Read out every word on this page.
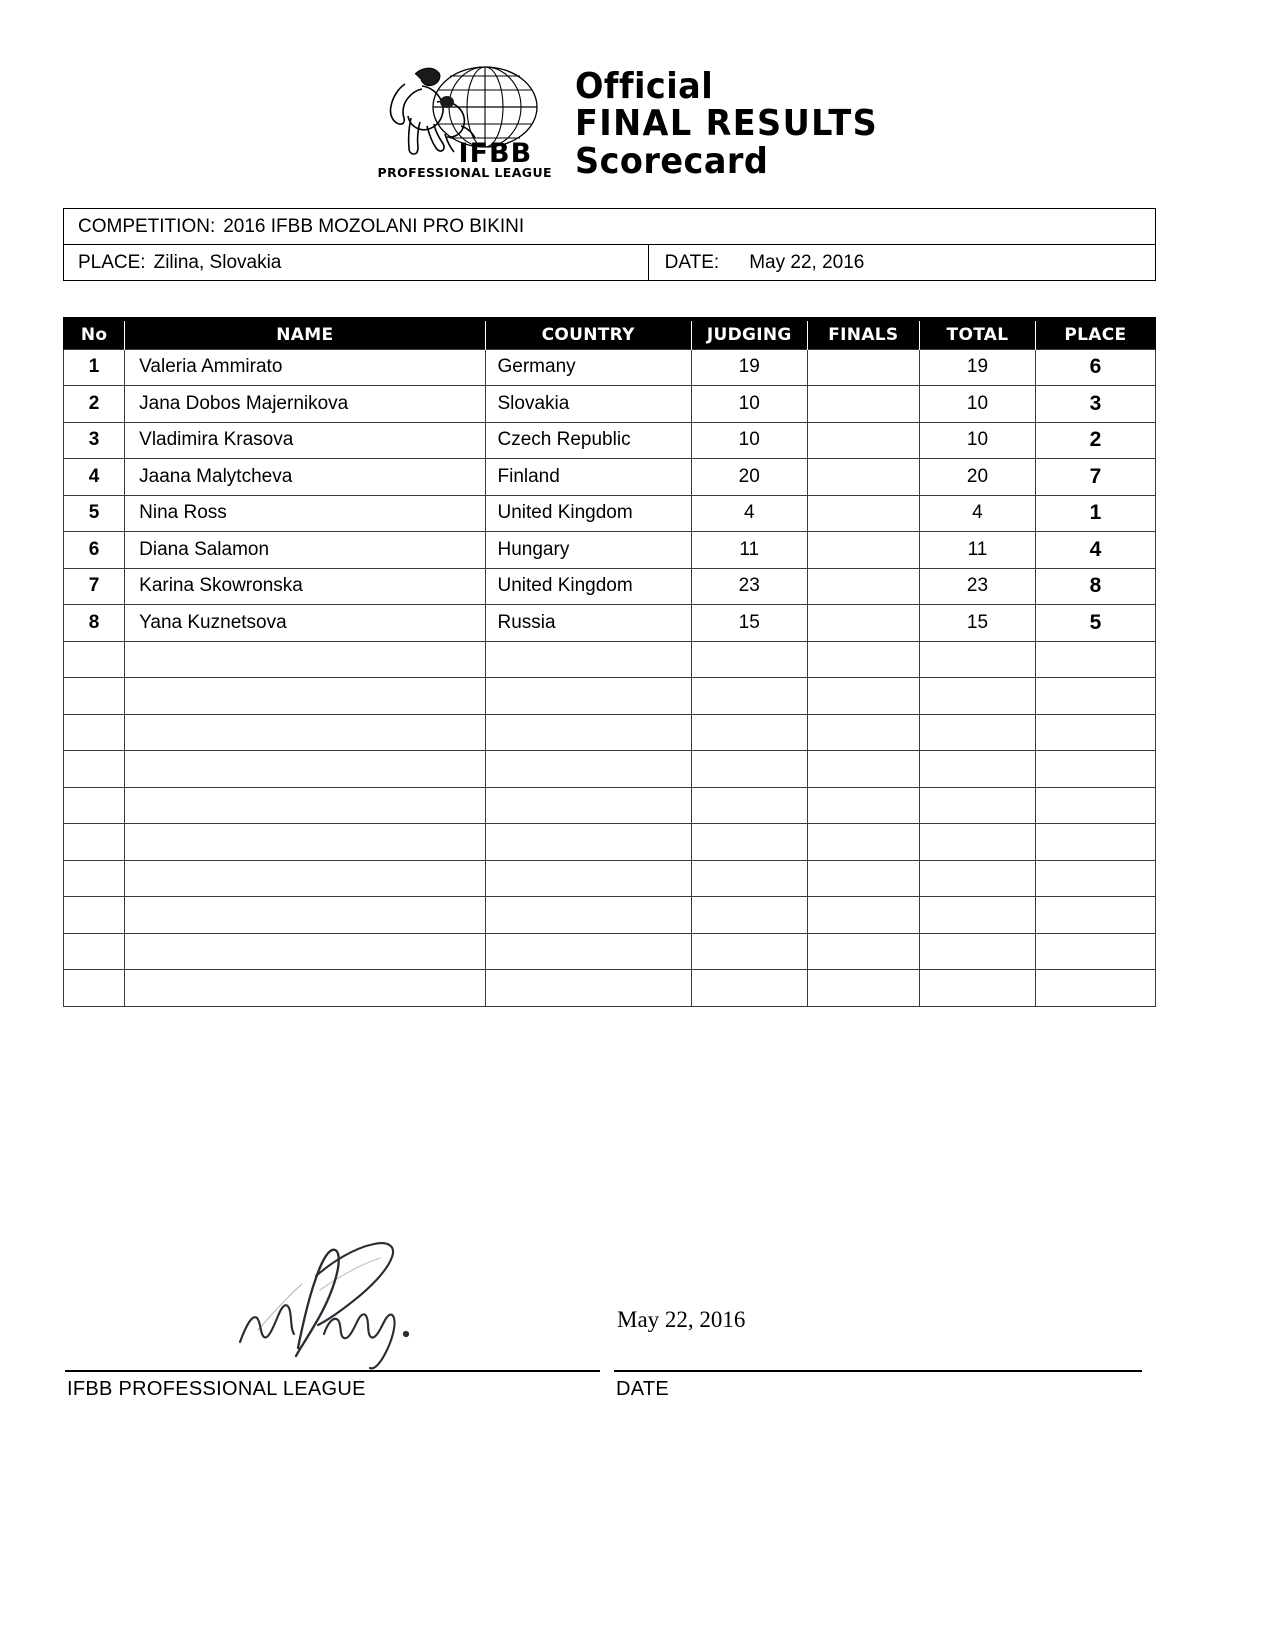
IFBB
PROFESSIONAL LEAGUE
Official
FINAL RESULTS
Scorecard
COMPETITION: 2016 IFBB MOZOLANI PRO BIKINI
PLACE: Zilina, Slovakia	DATE: May 22, 2016
No	NAME	COUNTRY	JUDGING	FINALS	TOTAL	PLACE
1	Valeria Ammirato	Germany	19		19	6
2	Jana Dobos Majernikova	Slovakia	10		10	3
3	Vladimira Krasova	Czech Republic	10		10	2
4	Jaana Malytcheva	Finland	20		20	7
5	Nina Ross	United Kingdom	4		4	1
6	Diana Salamon	Hungary	11		11	4
7	Karina Skowronska	United Kingdom	23		23	8
8	Yana Kuznetsova	Russia	15		15	5

May 22, 2016
IFBB PROFESSIONAL LEAGUE	DATE
